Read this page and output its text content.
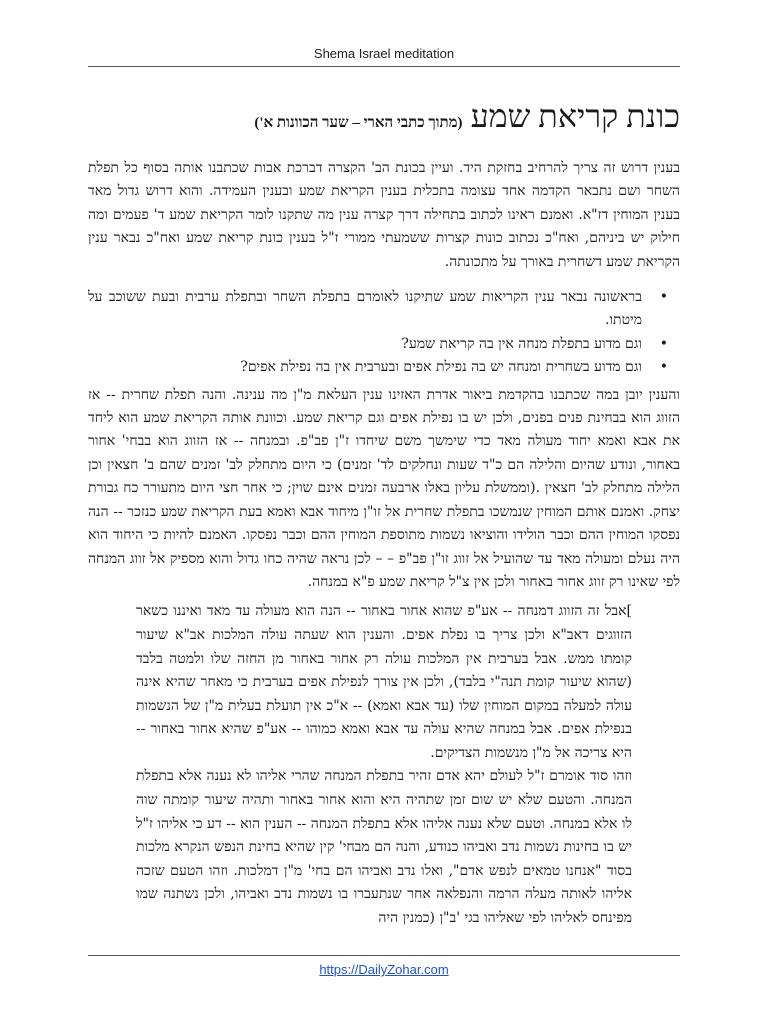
Shema Israel meditation
כונת קריאת שמע (מתוך כתבי הארי – שער הכוונות א')

בענין דרוש זה צריך להרחיב בחזקת היד. ועיין בכונת הב' הקצרה דברכת אבות שכתבנו אותה בסוף כל תפלת השחר ושם נתבאר הקדמה אחד עצומה בתכלית בענין הקריאת שמע ובענין העמידה. והוא דרוש גדול מאד בענין המוחין דז"א. ואמנם ראינו לכתוב בתחילה דרך קצרה ענין מה שתקנו לומר הקריאת שמע ד' פעמים ומה חילוק יש ביניהם, ואח"כ נכתוב כונות קצרות ששמעתי ממורי ז"ל בענין כונת קריאת שמע ואח"כ נבאר ענין הקריאת שמע דשחרית באורך על מתכונתה.

• בראשונה נבאר ענין הקריאות שמע שתיקנו לאומרם בתפלת השחר ובתפלת ערבית ובעת ששוכב על מיטתו.
• וגם מדוע בתפלת מנחה אין בה קריאת שמע?
• וגם מדוע בשחרית ומנחה יש בה נפילת אפים ובערבית אין בה נפילת אפים?

והענין יובן במה שכתבנו בהקדמת ביאור אדרת האזינו ענין העלאת מ"ן מה ענינה. והנה תפלת שחרית -- אז הזווג הוא בבחינת פנים בפנים, ולכן יש בו נפילת אפים וגם קריאת שמע. וכוונת אותה הקריאת שמע הוא ליחד את אבא ואמא יחוד מעולה מאד כדי שימשך משם שיחדו ז"ן פב"פ. ובמנחה -- אז הזווג הוא בבחי' אחור באחור, ונודע שהיום והלילה הם כ"ד שעות ונחלקים לד' זמנים) כי היום מתחלק לב' זמנים שהם ב' חצאין וכן הלילה מתחלק לב' חצאין .(וממשלת עליון באלו ארבעה זמנים אינם שוין; כי אחר חצי היום מתעורר כח גבורת יצחק. ואמנם אותם המוחין שנמשכו בתפלת שחרית אל זו"ן מיחוד אבא ואמא בעת הקריאת שמע כנזכר -- הנה נפסקו המוחין ההם וכבר הולידו והוציאו נשמות מתוספת המוחין ההם וכבר נפסקו. האמנם להיות כי היחוד הוא היה נעלם ומעולה מאד עד שהועיל אל זווג זו"ן פב"פ – – לכן נראה שהיה כחו גדול והוא מספיק אל זווג המנחה לפי שאינו רק זווג אחור באחור ולכן אין צ"ל קריאת שמע פ"א במנחה.

]אבל זה הזווג דמנחה -- אע"פ שהוא אחור באחור -- הנה הוא מעולה עד מאד ואיננו כשאר הזווגים דאב"א ולכן צריך בו נפלת אפים. והענין הוא שעתה עולה המלכות אב"א שיעור קומתו ממש. אבל בערבית אין המלכות עולה רק אחור באחור מן החזה שלו ולמטה בלבד (שהוא שיעור קומת תנה"י בלבד), ולכן אין צורך לנפילת אפים בערבית כי מאחר שהיא אינה עולה למעלה במקום המוחין שלו (עד אבא ואמא) -- א"כ אין תועלת בעלית מ"ן של הנשמות בנפילת אפים. אבל במנחה שהיא עולה עד אבא ואמא כמוהו -- אע"פ שהיא אחור באחור -- היא צריכה אל מ"ן מנשמות הצדיקים.

וזהו סוד אומרם ז"ל לעולם יהא אדם זהיר בתפלת המנחה שהרי אליהו לא נענה אלא בתפלת המנחה. והטעם שלא יש שום זמן שתהיה היא והוא אחור באחור ותהיה שיעור קומתה שוה לו אלא במנחה. וטעם שלא נענה אליהו אלא בתפלת המנחה -- הענין הוא -- דע כי אליהו ז"ל יש בו בחינות נשמות נדב ואביהו כנודע, והנה הם מבחי' קין שהיא בחינת הנפש הנקרא מלכות בסוד "אנחנו טמאים לנפש אדם", ואלו נדב ואביהו הם בחי' מ"ן דמלכות. וזהו הטעם שזכה אליהו לאותה מעלה הרמה והנפלאה אחר שנתעברו בו נשמות נדב ואביהו, ולכן נשתנה שמו מפינחס לאליהו לפי שאליהו בגי 'ב"ן (כמנין היה

https://DailyZohar.com
